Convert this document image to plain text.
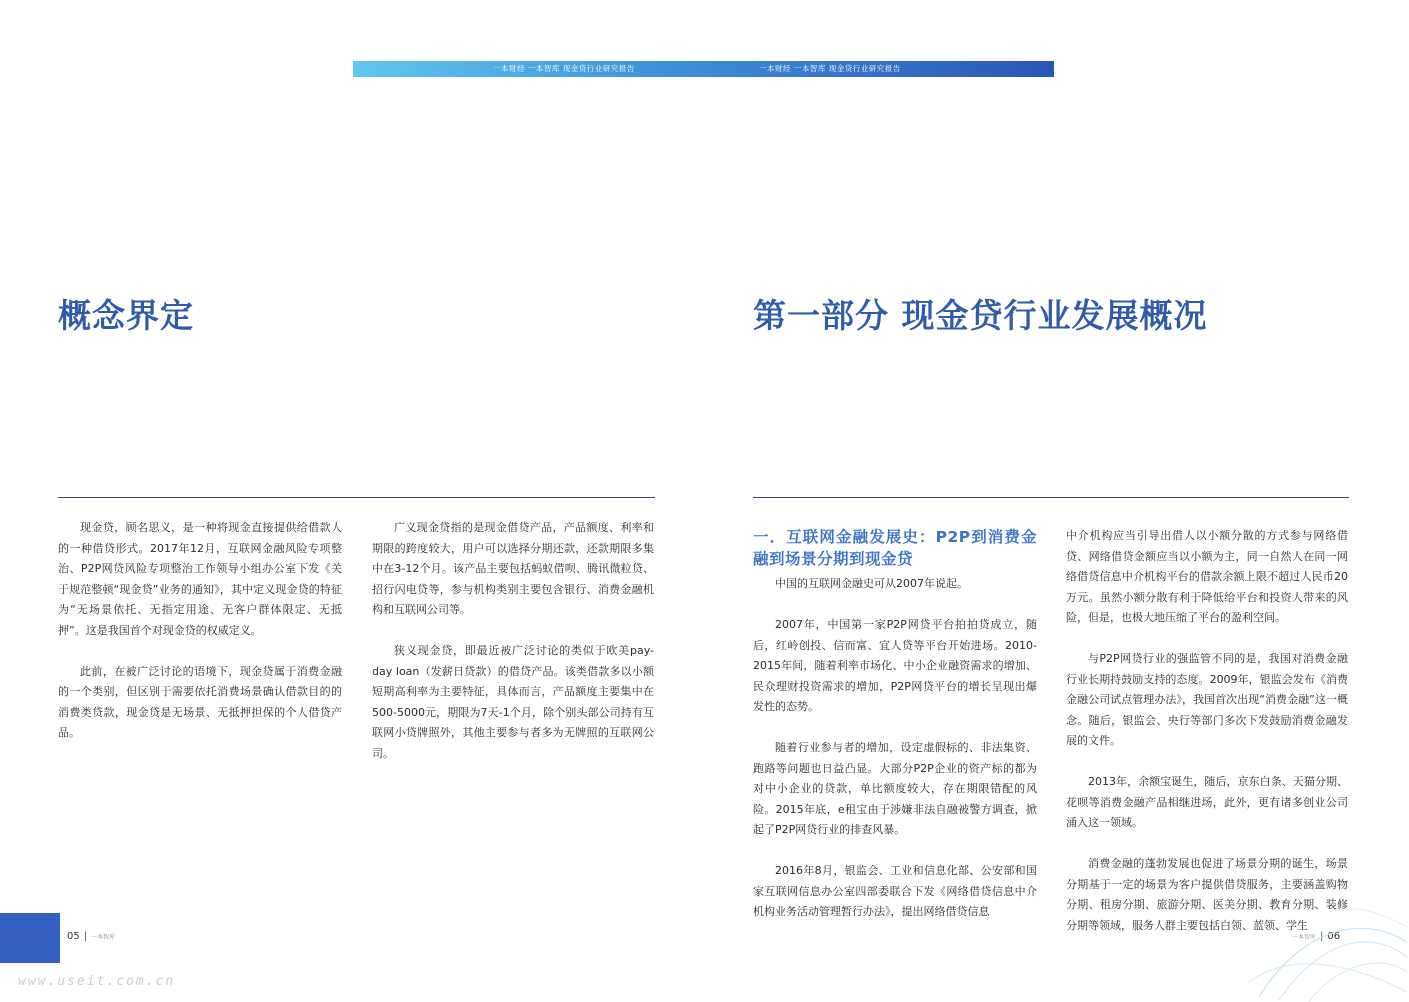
一本财经 一本智库 现金贷行业研究报告	一本财经 一本智库 现金贷行业研究报告
概念界定

现金贷，顾名思义，是一种将现金直接提供给借款人的一种借贷形式。2017年12月，互联网金融风险专项整治、P2P网贷风险专项整治工作领导小组办公室下发《关于规范整顿“现金贷”业务的通知》，其中定义现金贷的特征为“无场景依托、无指定用途、无客户群体限定、无抵押”。这是我国首个对现金贷的权威定义。

此前，在被广泛讨论的语境下，现金贷属于消费金融的一个类别，但区别于需要依托消费场景确认借款目的的消费类贷款，现金贷是无场景、无抵押担保的个人借贷产品。

广义现金贷指的是现金借贷产品，产品额度、利率和期限的跨度较大，用户可以选择分期还款，还款期限多集中在3-12个月。该产品主要包括蚂蚁借呗、腾讯微粒贷、招行闪电贷等，参与机构类别主要包含银行、消费金融机构和互联网公司等。

狭义现金贷，即最近被广泛讨论的类似于欧美pay-day loan（发薪日贷款）的借贷产品。该类借款多以小额短期高利率为主要特征，具体而言，产品额度主要集中在500-5000元，期限为7天-1个月，除个别头部公司持有互联网小贷牌照外，其他主要参与者多为无牌照的互联网公司。

05 | 一本智库
www.useit.com.cn
第一部分 现金贷行业发展概况
一．互联网金融发展史：P2P到消费金融到场景分期到现金贷

中国的互联网金融史可从2007年说起。

2007年，中国第一家P2P网贷平台拍拍贷成立，随后，红岭创投、信而富、宜人贷等平台开始进场。2010-2015年间，随着利率市场化、中小企业融资需求的增加、民众理财投资需求的增加，P2P网贷平台的增长呈现出爆发性的态势。

随着行业参与者的增加，设定虚假标的、非法集资、跑路等问题也日益凸显。大部分P2P企业的资产标的都为对中小企业的贷款，单比额度较大，存在期限错配的风险。2015年底，e租宝由于涉嫌非法自融被警方调查，掀起了P2P网贷行业的排查风暴。

2016年8月，银监会、工业和信息化部、公安部和国家互联网信息办公室四部委联合下发《网络借贷信息中介机构业务活动管理暂行办法》，提出网络借贷信息

中介机构应当引导出借人以小额分散的方式参与网络借贷、网络借贷金额应当以小额为主，同一自然人在同一网络借贷信息中介机构平台的借款余额上限不超过人民币20万元。虽然小额分散有利于降低给平台和投资人带来的风险，但是，也极大地压缩了平台的盈利空间。

与P2P网贷行业的强监管不同的是，我国对消费金融行业长期持鼓励支持的态度。2009年，银监会发布《消费金融公司试点管理办法》，我国首次出现“消费金融”这一概念。随后，银监会、央行等部门多次下发鼓励消费金融发展的文件。

2013年，余额宝诞生，随后，京东白条、天猫分期、花呗等消费金融产品相继进场，此外，更有诸多创业公司涌入这一领域。

消费金融的蓬勃发展也促进了场景分期的诞生，场景分期基于一定的场景为客户提供借贷服务，主要涵盖购物分期、租房分期、旅游分期、医美分期、教育分期、装修分期等领域，服务人群主要包括白领、蓝领、学生

一本智库 | 06
